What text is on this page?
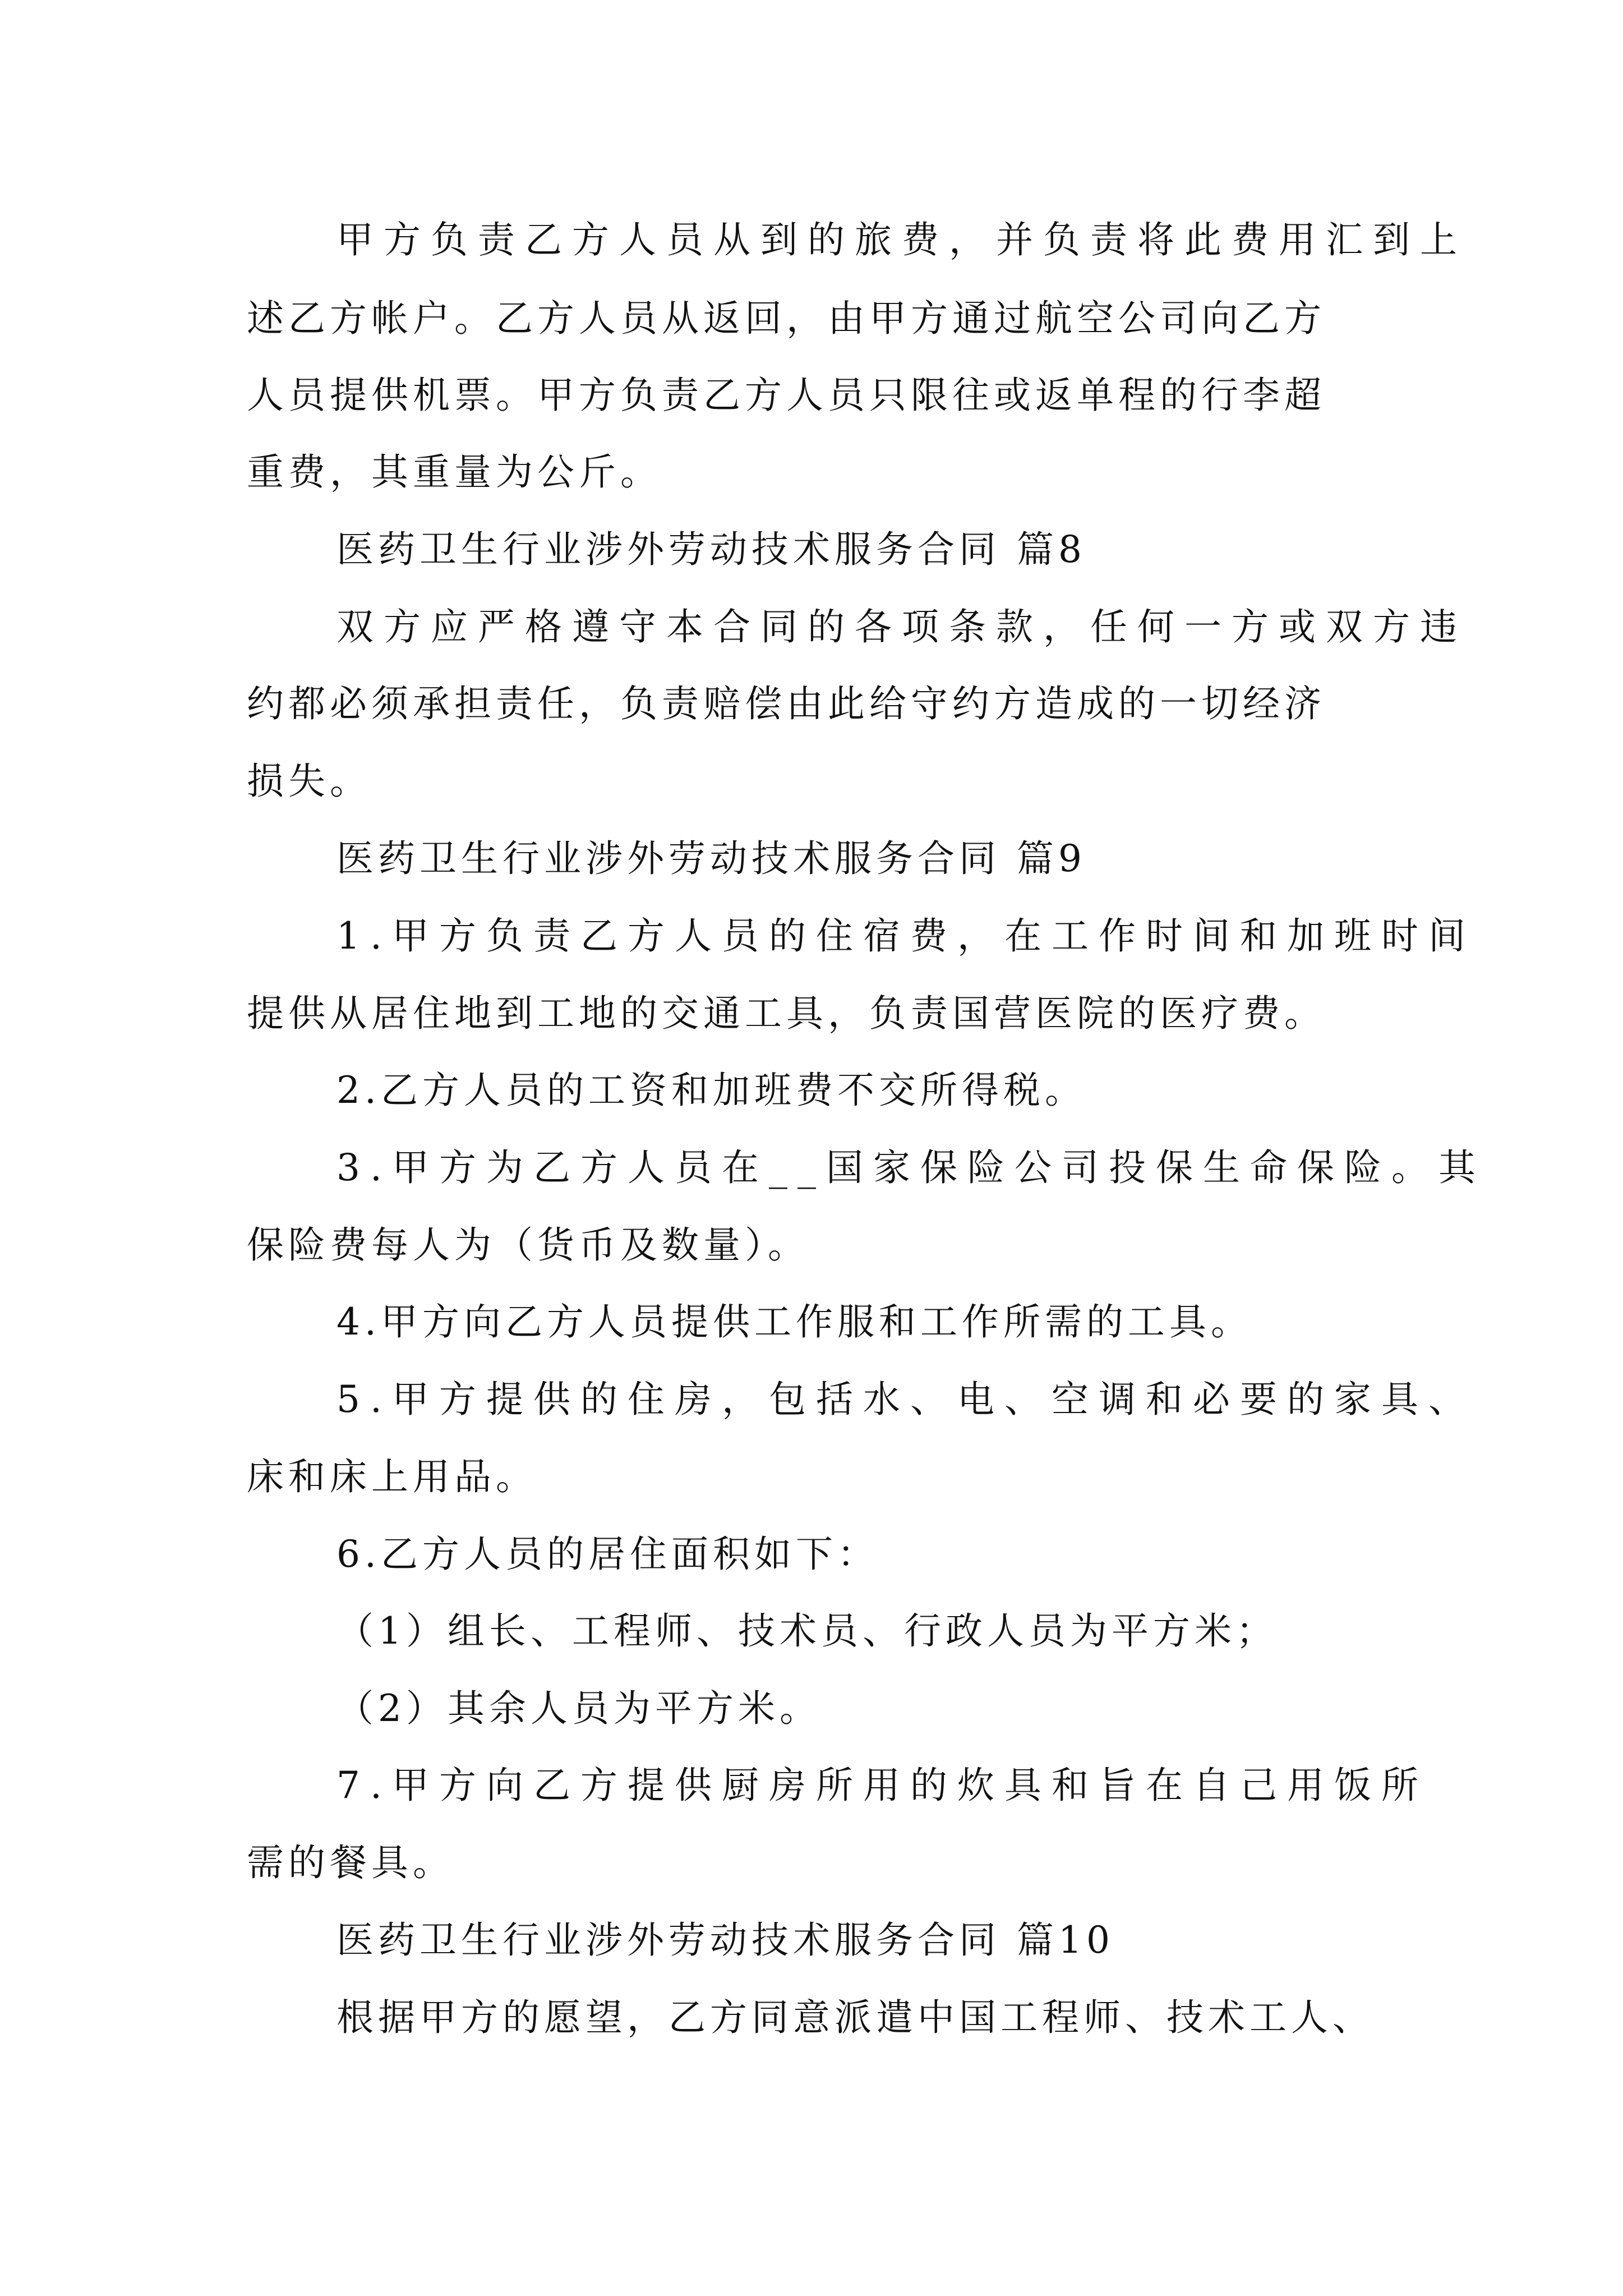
甲方负责乙方人员从到的旅费，并负责将此费用汇到上
述乙方帐户。乙方人员从返回，由甲方通过航空公司向乙方
人员提供机票。甲方负责乙方人员只限往或返单程的行李超
重费，其重量为公斤。
医药卫生行业涉外劳动技术服务合同 篇8
双方应严格遵守本合同的各项条款，任何一方或双方违
约都必须承担责任，负责赔偿由此给守约方造成的一切经济
损失。
医药卫生行业涉外劳动技术服务合同 篇9
1.甲方负责乙方人员的住宿费，在工作时间和加班时间
提供从居住地到工地的交通工具，负责国营医院的医疗费。
2.乙方人员的工资和加班费不交所得税。
3.甲方为乙方人员在__国家保险公司投保生命保险。其
保险费每人为（货币及数量）。
4.甲方向乙方人员提供工作服和工作所需的工具。
5.甲方提供的住房，包括水、电、空调和必要的家具、
床和床上用品。
6.乙方人员的居住面积如下：
（1）组长、工程师、技术员、行政人员为平方米；
（2）其余人员为平方米。
7.甲方向乙方提供厨房所用的炊具和旨在自己用饭所
需的餐具。
医药卫生行业涉外劳动技术服务合同 篇10
根据甲方的愿望，乙方同意派遣中国工程师、技术工人、
